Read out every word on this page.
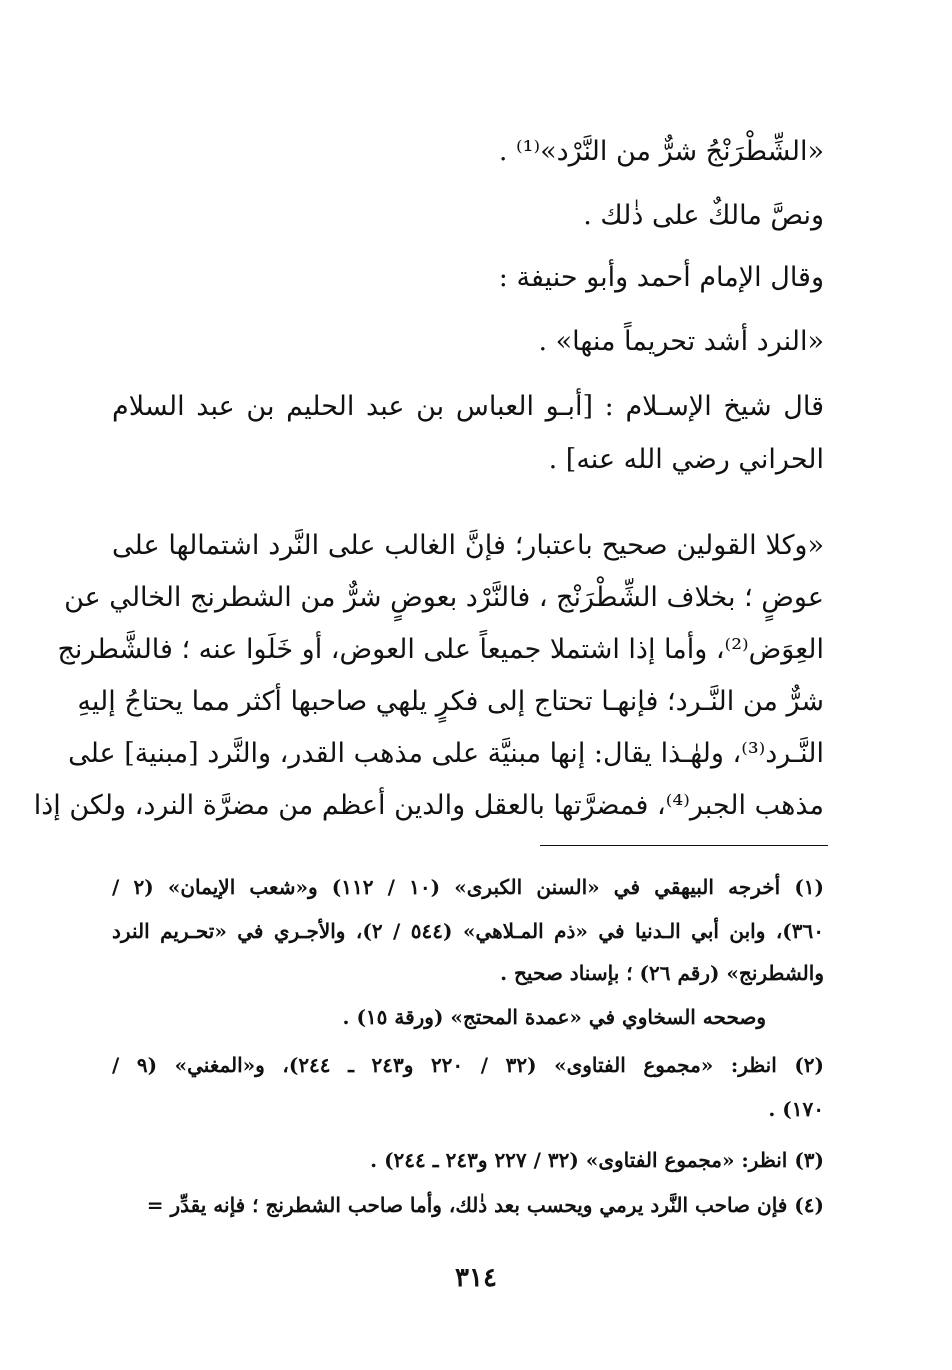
«الشِّطْرَنْجُ شرٌّ من النَّرْد»⁽¹⁾ .
ونصَّ مالكٌ على ذٰلك .
وقال الإمام أحمد وأبو حنيفة :
«النرد أشد تحريماً منها» .
قال شيخ الإسـلام : [أبـو العباس بن عبد الحليم بن عبد السلام
الحراني رضي الله عنه] .
«وكلا القولين صحيح باعتبار؛ فإنَّ الغالب على النَّرد اشتمالها على
عوضٍ ؛ بخلاف الشِّطْرَنْج ، فالنَّرْد بعوضٍ شرٌّ من الشطرنج الخالي عن
العِوَض⁽²⁾، وأما إذا اشتملا جميعاً على العوض، أو خَلَوا عنه ؛ فالشَّطرنج
شرٌّ من النَّـرد؛ فإنهـا تحتاج إلى فكرٍ يلهي صاحبها أكثر مما يحتاجُ إليهِ
النَّـرد⁽³⁾، ولهٰـذا يقال: إنها مبنيَّة على مذهب القدر، والنَّرد [مبنية] على
مذهب الجبر⁽⁴⁾، فمضرَّتها بالعقل والدين أعظم من مضرَّة النرد، ولكن إذا
(١) أخرجه البيهقي في «السنن الكبرى» (١٠ / ١١٢) و«شعب الإيمان» (٢ /
٣٦٠)، وابن أبي الـدنيا في «ذم المـلاهي» (٥٤٤ / ٢)، والأجـري في «تحـريم النرد
والشطرنج» (رقم ٢٦) ؛ بإسناد صحيح .
وصححه السخاوي في «عمدة المحتج» (ورقة ١٥) .
(٢) انظر: «مجموع الفتاوى» (٣٢ / ٢٢٠ و٢٤٣ ـ ٢٤٤)، و«المغني» (٩ /
١٧٠) .
(٣) انظر: «مجموع الفتاوى» (٣٢ / ٢٢٧ و٢٤٣ ـ ٢٤٤) .
(٤) فإن صاحب النَّرد يرمي ويحسب بعد ذٰلك، وأما صاحب الشطرنج ؛ فإنه يقدِّر =
٣١٤
